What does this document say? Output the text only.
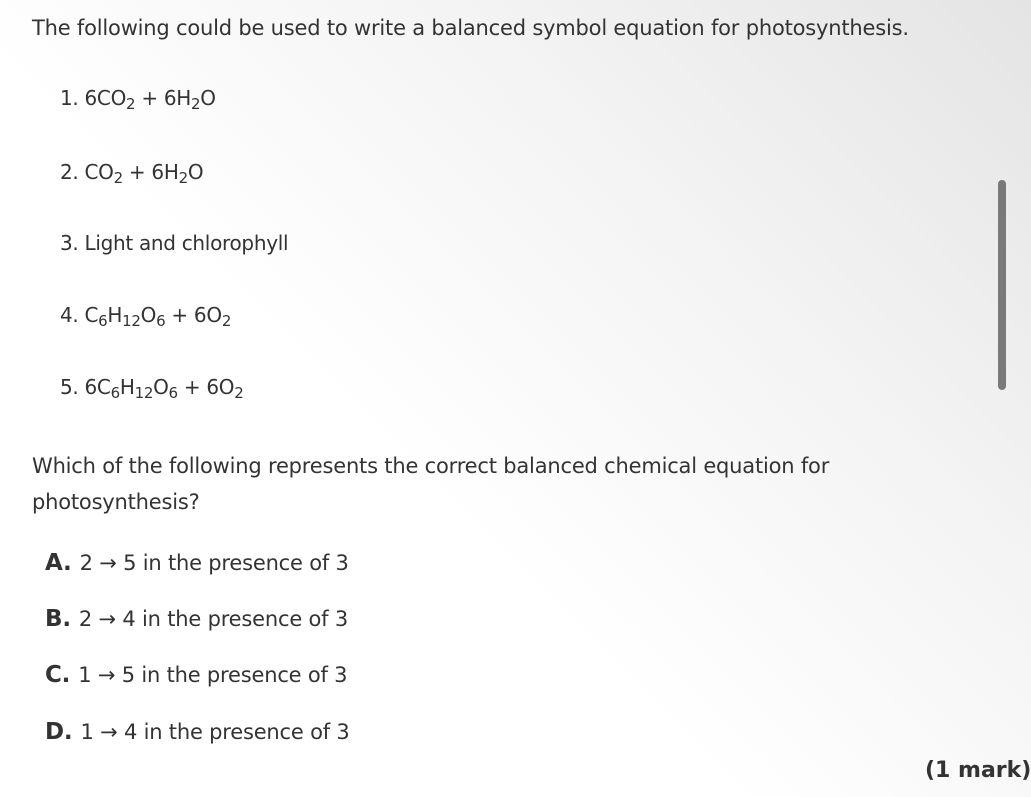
The following could be used to write a balanced symbol equation for photosynthesis.
1. $6CO_2 + 6H_2O$
2. $CO_2 + 6H_2O$
3. Light and chlorophyll
4. $C_6H_{12}O_6 + 6O_2$
5. $6C_6H_{12}O_6 + 6O_2$
Which of the following represents the correct balanced chemical equation for photosynthesis?
A. 2 → 5 in the presence of 3
B. 2 → 4 in the presence of 3
C. 1 → 5 in the presence of 3
D. 1 → 4 in the presence of 3
(1 mark)
